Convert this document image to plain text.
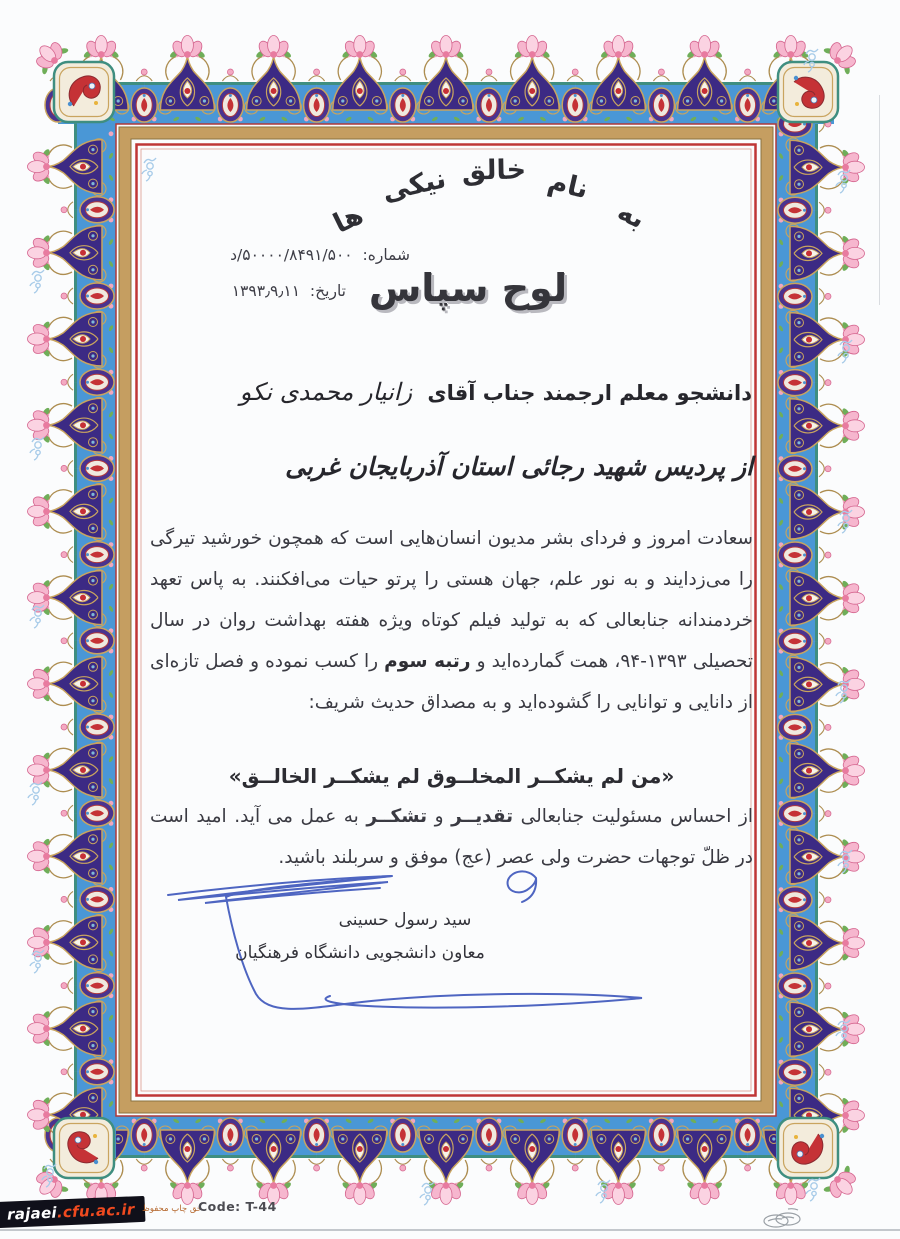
به
نام
خالق
نیکی
ها
شماره:  ۵۰۰۰۰/۸۴۹۱/۵۰۰/د
تاریخ:  ۱۳۹۳٫۹٫۱۱	لوح سپاس
دانشجو معلم ارجمند جناب آقای   زانیار محمدی نکو
از پردیس شهید رجائی استان آذربایجان غربی
سعادت امروز و فردای بشر مدیون انسان‌هایی است که همچون خورشید تیرگی را می‌زدایند و به نور علم، جهان هستی را پرتو حیات می‌افکنند. به پاس تعهد خردمندانه جنابعالی که به تولید فیلم کوتاه ویژه هفته بهداشت روان در سال تحصیلی ۱۳۹۳-۹۴، همت گمارده‌اید و رتبه سوم را کسب نموده و فصل تازه‌ای از دانایی و توانایی را گشوده‌اید و به مصداق حدیث شریف:
«من لم یشکــر المخلــوق لم یشکــر الخالــق»
از احساس مسئولیت جنابعالی تقدیــر و تشکــر به عمل می آید. امید است در ظلّ توجهات حضرت ولی عصر (عج) موفق و سربلند باشید.
سید رسول حسینی
معاون دانشجویی دانشگاه فرهنگیان
rajaei .cfu.ac.ir حق چاپ محفوظ
Code: T-44
